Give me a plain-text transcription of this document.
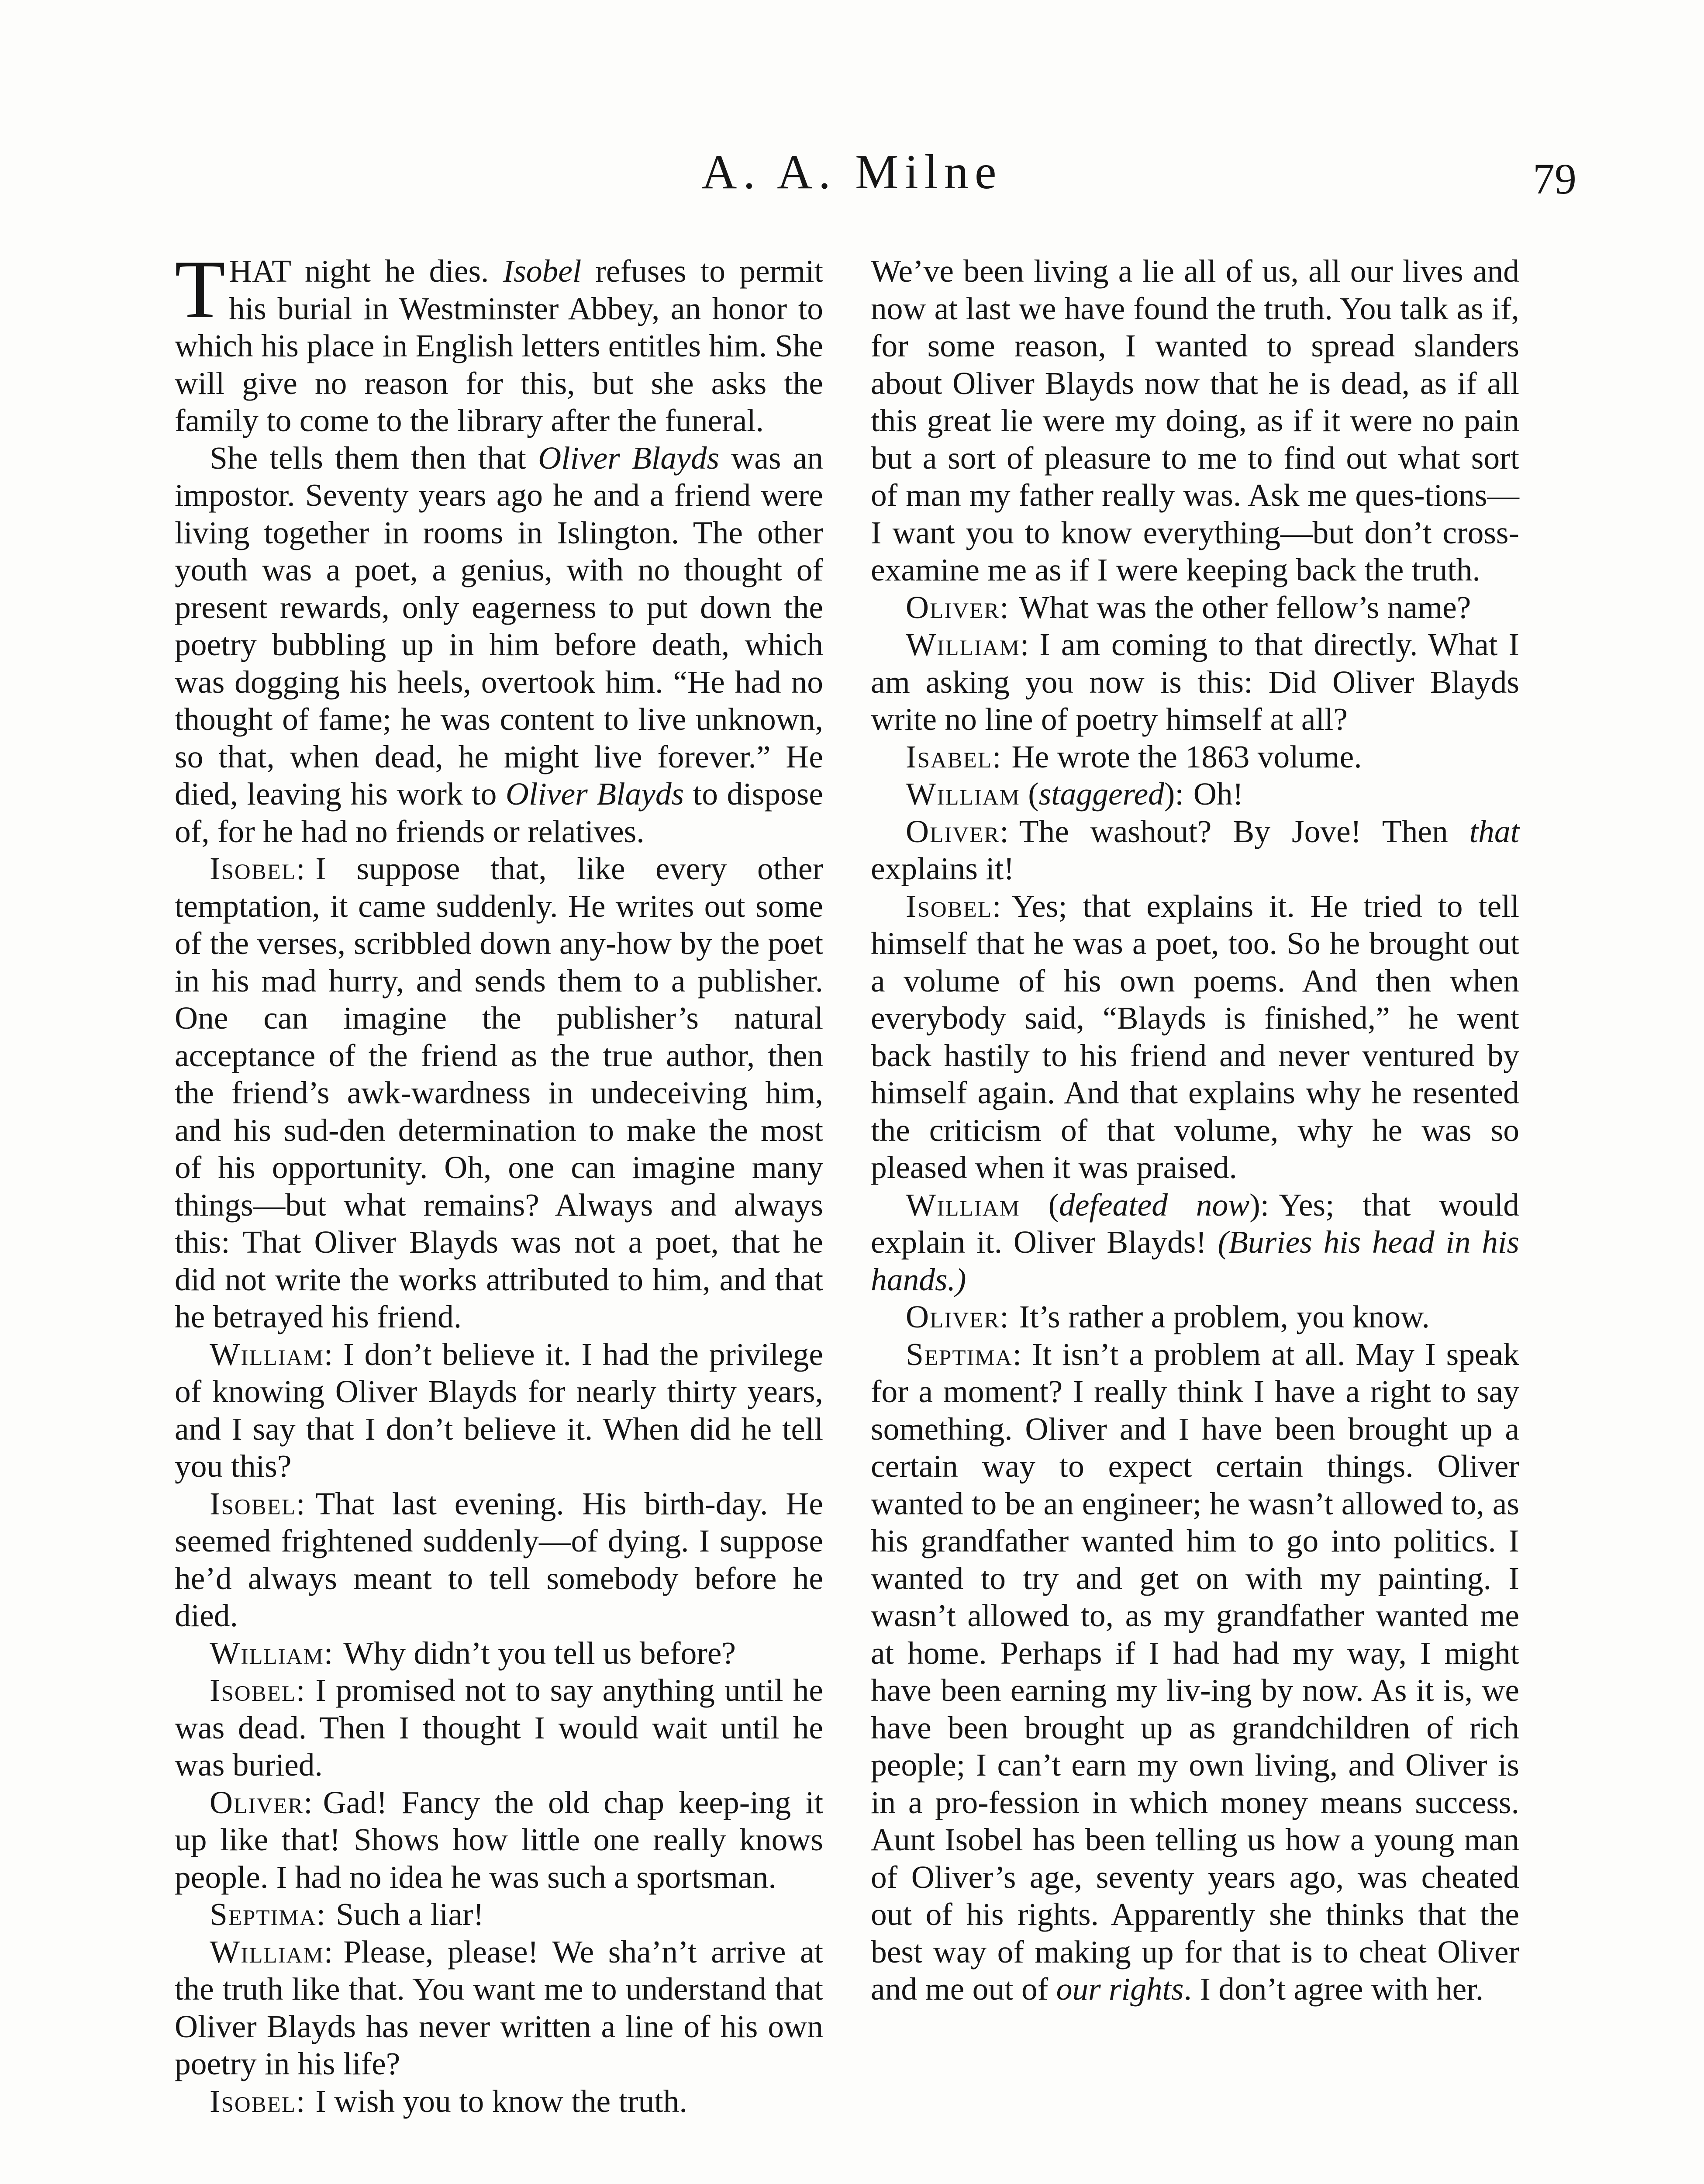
A. A. Milne	79

THAT night he dies. Isobel refuses to permit his burial in Westminster Abbey, an honor to which his place in English letters entitles him. She will give no reason for this, but she asks the family to come to the library after the funeral.

She tells them then that Oliver Blayds was an impostor. Seventy years ago he and a friend were living together in rooms in Islington. The other youth was a poet, a genius, with no thought of present rewards, only eagerness to put down the poetry bubbling up in him before death, which was dogging his heels, overtook him. “He had no thought of fame; he was content to live unknown, so that, when dead, he might live forever.” He died, leaving his work to Oliver Blayds to dispose of, for he had no friends or relatives.

Isobel: I suppose that, like every other temptation, it came suddenly. He writes out some of the verses, scribbled down any-how by the poet in his mad hurry, and sends them to a publisher. One can imagine the publisher’s natural acceptance of the friend as the true author, then the friend’s awk-wardness in undeceiving him, and his sud-den determination to make the most of his opportunity. Oh, one can imagine many things—but what remains? Always and always this: That Oliver Blayds was not a poet, that he did not write the works attributed to him, and that he betrayed his friend.

William: I don’t believe it. I had the privilege of knowing Oliver Blayds for nearly thirty years, and I say that I don’t believe it. When did he tell you this?

Isobel: That last evening. His birth-day. He seemed frightened suddenly—of dying. I suppose he’d always meant to tell somebody before he died.

William: Why didn’t you tell us before?

Isobel: I promised not to say anything until he was dead. Then I thought I would wait until he was buried.

Oliver: Gad! Fancy the old chap keep-ing it up like that! Shows how little one really knows people. I had no idea he was such a sportsman.

Septima: Such a liar!

William: Please, please! We sha’n’t arrive at the truth like that. You want me to understand that Oliver Blayds has never written a line of his own poetry in his life?

Isobel: I wish you to know the truth.

We’ve been living a lie all of us, all our lives and now at last we have found the truth. You talk as if, for some reason, I wanted to spread slanders about Oliver Blayds now that he is dead, as if all this great lie were my doing, as if it were no pain but a sort of pleasure to me to find out what sort of man my father really was. Ask me ques-tions—I want you to know everything—but don’t cross-examine me as if I were keeping back the truth.

Oliver: What was the other fellow’s name?

William: I am coming to that directly. What I am asking you now is this: Did Oliver Blayds write no line of poetry himself at all?

Isabel: He wrote the 1863 volume.

William (staggered): Oh!

Oliver: The washout? By Jove! Then that explains it!

Isobel: Yes; that explains it. He tried to tell himself that he was a poet, too. So he brought out a volume of his own poems. And then when everybody said, “Blayds is finished,” he went back hastily to his friend and never ventured by himself again. And that explains why he resented the criticism of that volume, why he was so pleased when it was praised.

William (defeated now): Yes; that would explain it. Oliver Blayds! (Buries his head in his hands.)

Oliver: It’s rather a problem, you know.

Septima: It isn’t a problem at all. May I speak for a moment? I really think I have a right to say something. Oliver and I have been brought up a certain way to expect certain things. Oliver wanted to be an engineer; he wasn’t allowed to, as his grandfather wanted him to go into politics. I wanted to try and get on with my painting. I wasn’t allowed to, as my grandfather wanted me at home. Perhaps if I had had my way, I might have been earning my liv-ing by now. As it is, we have been brought up as grandchildren of rich people; I can’t earn my own living, and Oliver is in a pro-fession in which money means success. Aunt Isobel has been telling us how a young man of Oliver’s age, seventy years ago, was cheated out of his rights. Apparently she thinks that the best way of making up for that is to cheat Oliver and me out of our rights. I don’t agree with her.
